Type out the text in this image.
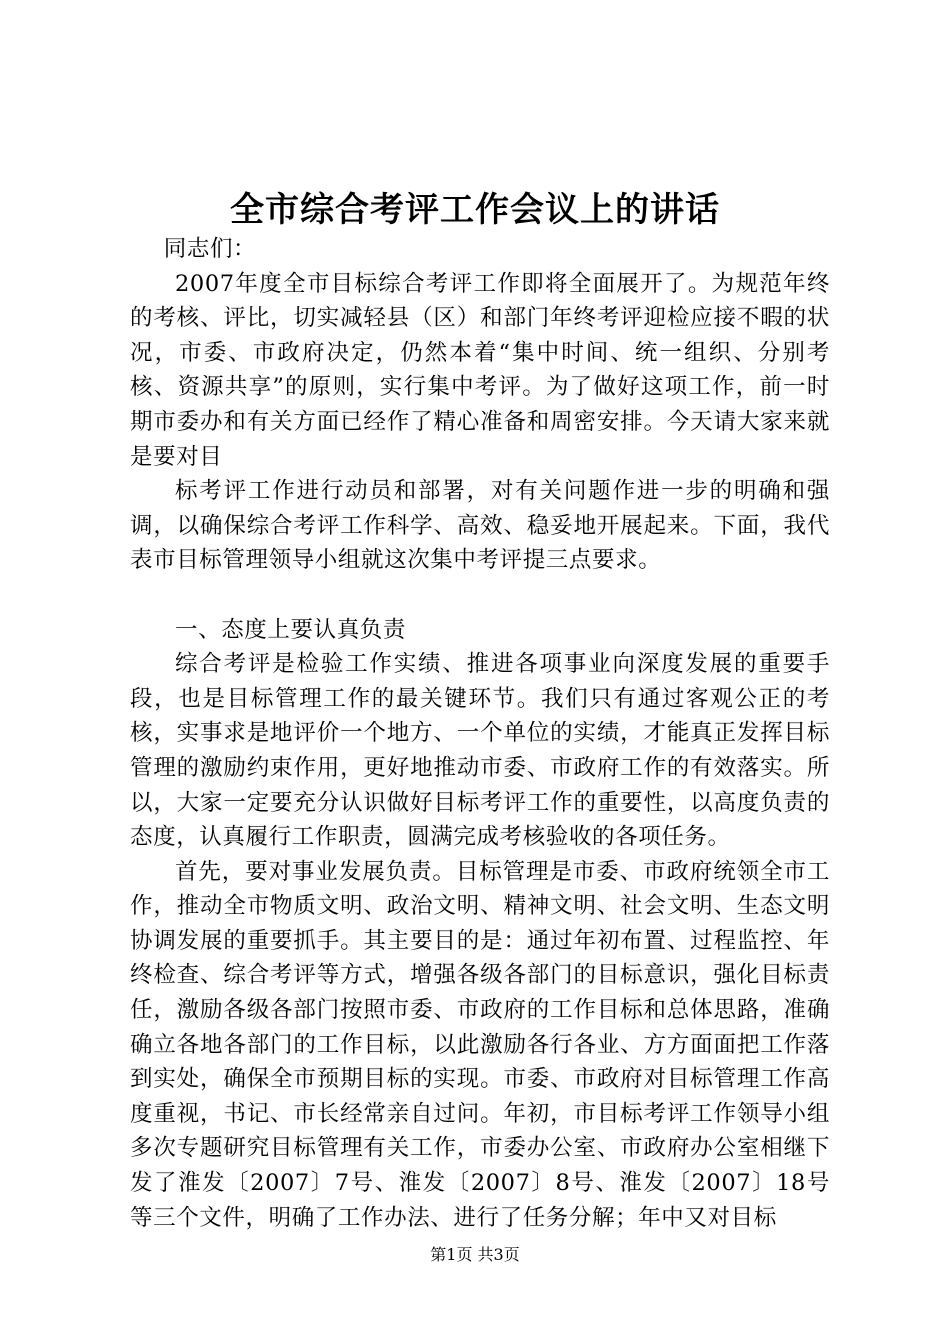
全市综合考评工作会议上的讲话

同志们：

2007年度全市目标综合考评工作即将全面展开了。为规范年终的考核、评比，切实减轻县（区）和部门年终考评迎检应接不暇的状况，市委、市政府决定，仍然本着“集中时间、统一组织、分别考核、资源共享”的原则，实行集中考评。为了做好这项工作，前一时期市委办和有关方面已经作了精心准备和周密安排。今天请大家来就是要对目

标考评工作进行动员和部署，对有关问题作进一步的明确和强调，以确保综合考评工作科学、高效、稳妥地开展起来。下面，我代表市目标管理领导小组就这次集中考评提三点要求。

一、态度上要认真负责

综合考评是检验工作实绩、推进各项事业向深度发展的重要手段，也是目标管理工作的最关键环节。我们只有通过客观公正的考核，实事求是地评价一个地方、一个单位的实绩，才能真正发挥目标管理的激励约束作用，更好地推动市委、市政府工作的有效落实。所以，大家一定要充分认识做好目标考评工作的重要性，以高度负责的态度，认真履行工作职责，圆满完成考核验收的各项任务。

首先，要对事业发展负责。目标管理是市委、市政府统领全市工作，推动全市物质文明、政治文明、精神文明、社会文明、生态文明协调发展的重要抓手。其主要目的是：通过年初布置、过程监控、年终检查、综合考评等方式，增强各级各部门的目标意识，强化目标责任，激励各级各部门按照市委、市政府的工作目标和总体思路，准确确立各地各部门的工作目标，以此激励各行各业、方方面面把工作落到实处，确保全市预期目标的实现。市委、市政府对目标管理工作高度重视，书记、市长经常亲自过问。年初，市目标考评工作领导小组多次专题研究目标管理有关工作，市委办公室、市政府办公室相继下发了淮发〔2007〕7号、淮发〔2007〕8号、淮发〔2007〕18号等三个文件，明确了工作办法、进行了任务分解；年中又对目标

第1页 共3页
